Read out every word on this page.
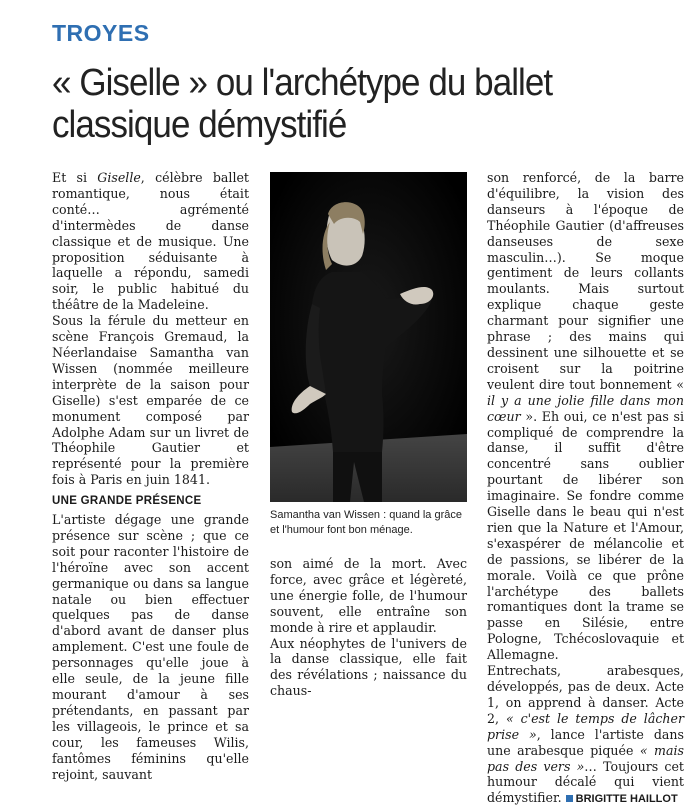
TROYES
« Giselle » ou l'archétype du ballet classique démystifié

Et si Giselle, célèbre ballet romantique, nous était conté… agrémenté d'intermèdes de danse classique et de musique. Une proposition séduisante à laquelle a répondu, samedi soir, le public habitué du théâtre de la Madeleine.

Sous la férule du metteur en scène François Gremaud, la Néerlandaise Samantha van Wissen (nommée meilleure interprète de la saison pour Giselle) s'est emparée de ce monument composé par Adolphe Adam sur un livret de Théophile Gautier et représenté pour la première fois à Paris en juin 1841.

UNE GRANDE PRÉSENCE

L'artiste dégage une grande présence sur scène ; que ce soit pour raconter l'histoire de l'héroïne avec son accent germanique ou dans sa langue natale ou bien effectuer quelques pas de danse d'abord avant de danser plus amplement. C'est une foule de personnages qu'elle joue à elle seule, de la jeune fille mourant d'amour à ses prétendants, en passant par les villageois, le prince et sa cour, les fameuses Wilis, fantômes féminins qu'elle rejoint, sauvant

Samantha van Wissen : quand la grâce et l'humour font bon ménage.

son aimé de la mort. Avec force, avec grâce et légèreté, une énergie folle, de l'humour souvent, elle entraîne son monde à rire et applaudir.

Aux néophytes de l'univers de la danse classique, elle fait des révélations ; naissance du chaus-

son renforcé, de la barre d'équilibre, la vision des danseurs à l'époque de Théophile Gautier (d'affreuses danseuses de sexe masculin…). Se moque gentiment de leurs collants moulants. Mais surtout explique chaque geste charmant pour signifier une phrase ; des mains qui dessinent une silhouette et se croisent sur la poitrine veulent dire tout bonnement « il y a une jolie fille dans mon cœur ». Eh oui, ce n'est pas si compliqué de comprendre la danse, il suffit d'être concentré sans oublier pourtant de libérer son imaginaire. Se fondre comme Giselle dans le beau qui n'est rien que la Nature et l'Amour, s'exaspérer de mélancolie et de passions, se libérer de la morale. Voilà ce que prône l'archétype des ballets romantiques dont la trame se passe en Silésie, entre Pologne, Tchécoslovaquie et Allemagne.

Entrechats, arabesques, développés, pas de deux. Acte 1, on apprend à danser. Acte 2, « c'est le temps de lâcher prise », lance l'artiste dans une arabesque piquée « mais pas des vers »… Toujours cet humour décalé qui vient démystifier. BRIGITTE HAILLOT
